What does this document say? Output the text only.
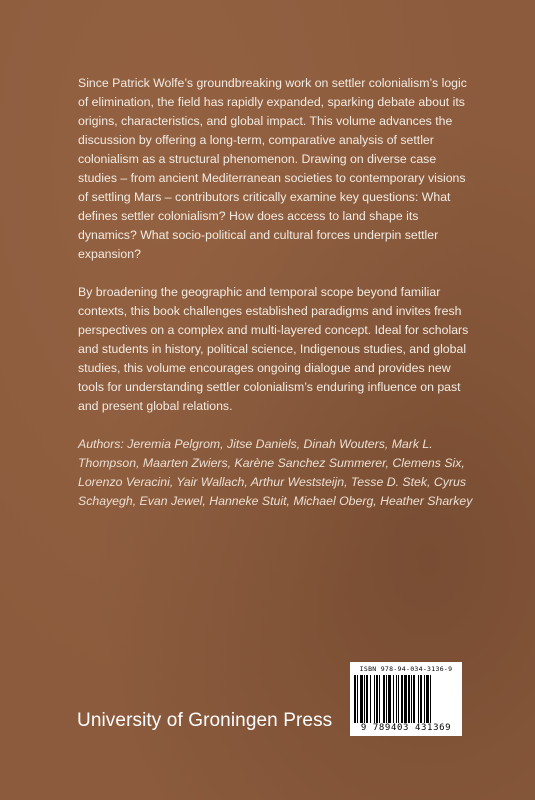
Since Patrick Wolfe’s groundbreaking work on settler colonialism’s logic of elimination, the field has rapidly expanded, sparking debate about its origins, characteristics, and global impact. This volume advances the discussion by offering a long-term, comparative analysis of settler colonialism as a structural phenomenon. Drawing on diverse case studies – from ancient Mediterranean societies to contemporary visions of settling Mars – contributors critically examine key questions: What defines settler colonialism? How does access to land shape its dynamics? What socio-political and cultural forces underpin settler expansion?

By broadening the geographic and temporal scope beyond familiar contexts, this book challenges established paradigms and invites fresh perspectives on a complex and multi-layered concept. Ideal for scholars and students in history, political science, Indigenous studies, and global studies, this volume encourages ongoing dialogue and provides new tools for understanding settler colonialism’s enduring influence on past and present global relations.

Authors: Jeremia Pelgrom, Jitse Daniels, Dinah Wouters, Mark L. Thompson, Maarten Zwiers, Karène Sanchez Summerer, Clemens Six, Lorenzo Veracini, Yair Wallach, Arthur Weststeijn, Tesse D. Stek, Cyrus Schayegh, Evan Jewel, Hanneke Stuit, Michael Oberg, Heather Sharkey

University of Groningen Press
ISBN 978-94-034-3136-9
9 789403 431369
